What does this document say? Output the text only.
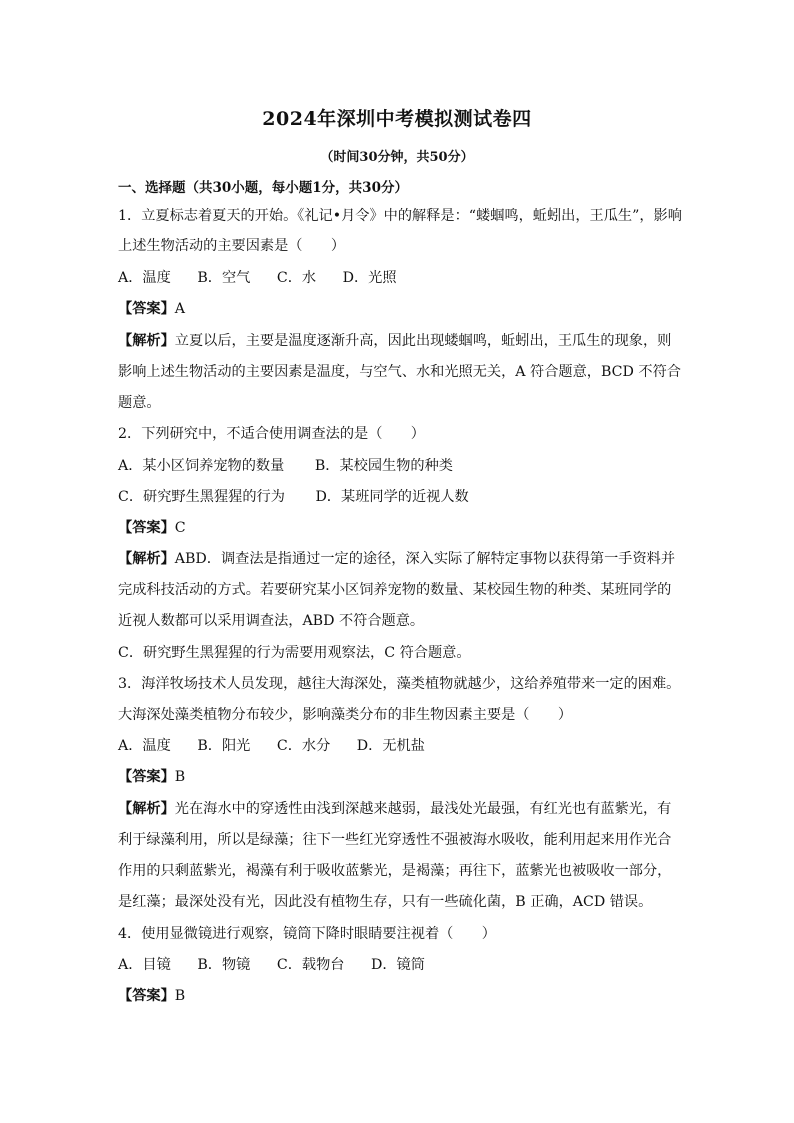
2024年深圳中考模拟测试卷四
（时间30分钟，共50分）
一、选择题（共30小题，每小题1分，共30分）
1．立夏标志着夏天的开始。《礼记•月令》中的解释是：“蝼蝈鸣，蚯蚓出，王瓜生”，影响
上述生物活动的主要因素是（　　）
A．温度 B．空气 C．水 D．光照
【答案】A
【解析】立夏以后，主要是温度逐渐升高，因此出现蝼蝈鸣，蚯蚓出，王瓜生的现象，则
影响上述生物活动的主要因素是温度，与空气、水和光照无关，A 符合题意，BCD 不符合
题意。
2．下列研究中，不适合使用调查法的是（　　）
A．某小区饲养宠物的数量 B．某校园生物的种类
C．研究野生黑猩猩的行为 D．某班同学的近视人数
【答案】C
【解析】ABD．调查法是指通过一定的途径，深入实际了解特定事物以获得第一手资料并
完成科技活动的方式。若要研究某小区饲养宠物的数量、某校园生物的种类、某班同学的
近视人数都可以采用调查法，ABD 不符合题意。
C．研究野生黑猩猩的行为需要用观察法，C 符合题意。
3．海洋牧场技术人员发现，越往大海深处，藻类植物就越少，这给养殖带来一定的困难。
大海深处藻类植物分布较少，影响藻类分布的非生物因素主要是（　　）
A．温度 B．阳光 C．水分 D．无机盐
【答案】B
【解析】光在海水中的穿透性由浅到深越来越弱，最浅处光最强，有红光也有蓝紫光，有
利于绿藻利用，所以是绿藻；往下一些红光穿透性不强被海水吸收，能利用起来用作光合
作用的只剩蓝紫光，褐藻有利于吸收蓝紫光，是褐藻；再往下，蓝紫光也被吸收一部分，
是红藻；最深处没有光，因此没有植物生存，只有一些硫化菌，B 正确，ACD 错误。
4．使用显微镜进行观察，镜筒下降时眼睛要注视着（　　）
A．目镜 B．物镜 C．载物台 D．镜筒
【答案】B
